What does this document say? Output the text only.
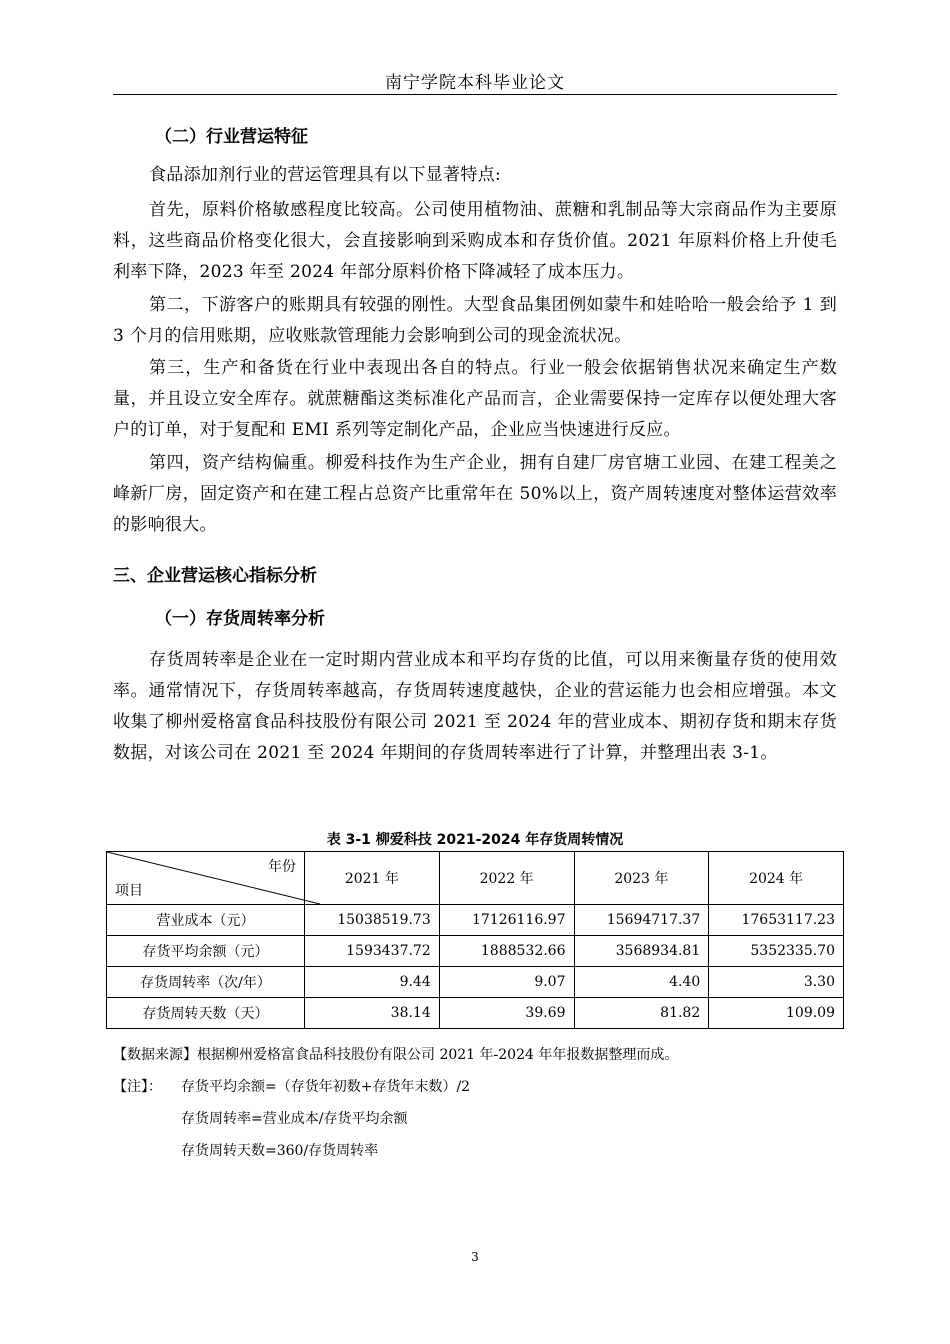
南宁学院本科毕业论文
（二）行业营运特征
食品添加剂行业的营运管理具有以下显著特点:
首先，原料价格敏感程度比较高。公司使用植物油、蔗糖和乳制品等大宗商品作为主要原料，这些商品价格变化很大，会直接影响到采购成本和存货价值。2021 年原料价格上升使毛利率下降，2023 年至 2024 年部分原料价格下降减轻了成本压力。
第二，下游客户的账期具有较强的刚性。大型食品集团例如蒙牛和娃哈哈一般会给予 1 到 3 个月的信用账期，应收账款管理能力会影响到公司的现金流状况。
第三，生产和备货在行业中表现出各自的特点。行业一般会依据销售状况来确定生产数量，并且设立安全库存。就蔗糖酯这类标准化产品而言，企业需要保持一定库存以便处理大客户的订单，对于复配和 EMI 系列等定制化产品，企业应当快速进行反应。
第四，资产结构偏重。柳爱科技作为生产企业，拥有自建厂房官塘工业园、在建工程美之峰新厂房，固定资产和在建工程占总资产比重常年在 50%以上，资产周转速度对整体运营效率的影响很大。
三、企业营运核心指标分析
（一）存货周转率分析
存货周转率是企业在一定时期内营业成本和平均存货的比值，可以用来衡量存货的使用效率。通常情况下，存货周转率越高，存货周转速度越快，企业的营运能力也会相应增强。本文收集了柳州爱格富食品科技股份有限公司 2021 至 2024 年的营业成本、期初存货和期末存货数据，对该公司在 2021 至 2024 年期间的存货周转率进行了计算，并整理出表 3-1。
表 3-1 柳爱科技 2021-2024 年存货周转情况
年份
项目	2021 年	2022 年	2023 年	2024 年
营业成本（元）	15038519.73	17126116.97	15694717.37	17653117.23
存货平均余额（元）	1593437.72	1888532.66	3568934.81	5352335.70
存货周转率（次/年）	9.44	9.07	4.40	3.30
存货周转天数（天）	38.14	39.69	81.82	109.09
【数据来源】根据柳州爱格富食品科技股份有限公司 2021 年-2024 年年报数据整理而成。
【注】： 存货平均余额=（存货年初数+存货年末数）/2
存货周转率=营业成本/存货平均余额
存货周转天数=360/存货周转率
3
